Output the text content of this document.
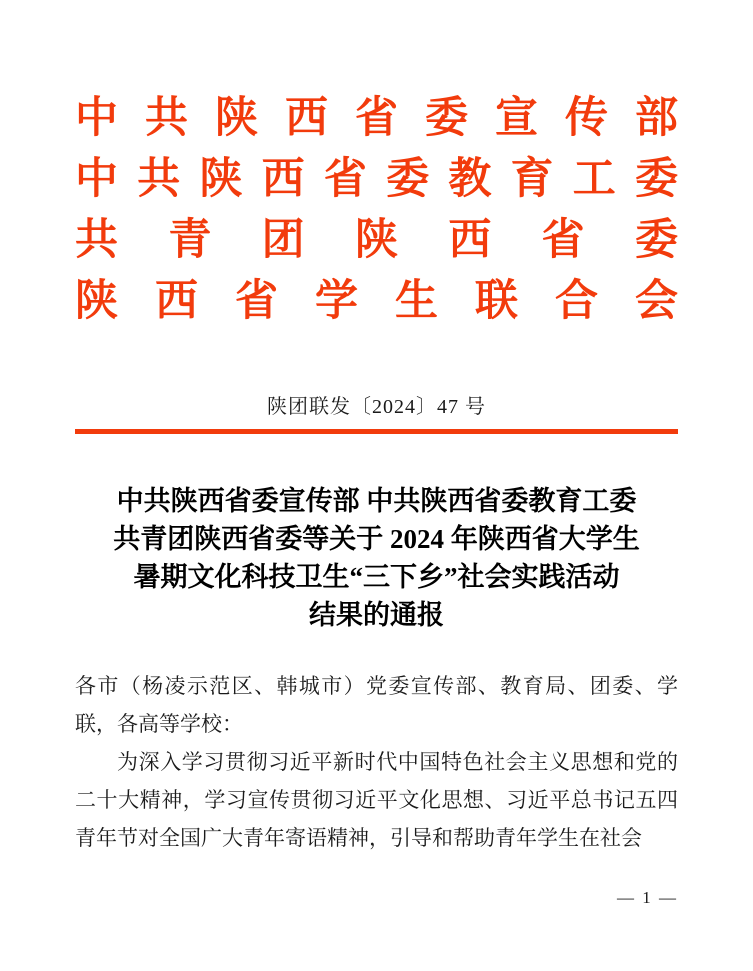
中 共 陕 西 省 委 宣 传 部
中 共 陕 西 省 委 教 育 工 委
共 青 团 陕 西 省 委
陕 西 省 学 生 联 合 会
陕团联发〔2024〕47 号
中共陕西省委宣传部 中共陕西省委教育工委
共青团陕西省委等关于 2024 年陕西省大学生
暑期文化科技卫生“三下乡”社会实践活动
结果的通报
各市（杨凌示范区、韩城市）党委宣传部、教育局、团委、学联，各高等学校：
为深入学习贯彻习近平新时代中国特色社会主义思想和党的二十大精神，学习宣传贯彻习近平文化思想、习近平总书记五四青年节对全国广大青年寄语精神，引导和帮助青年学生在社会
— 1 —
